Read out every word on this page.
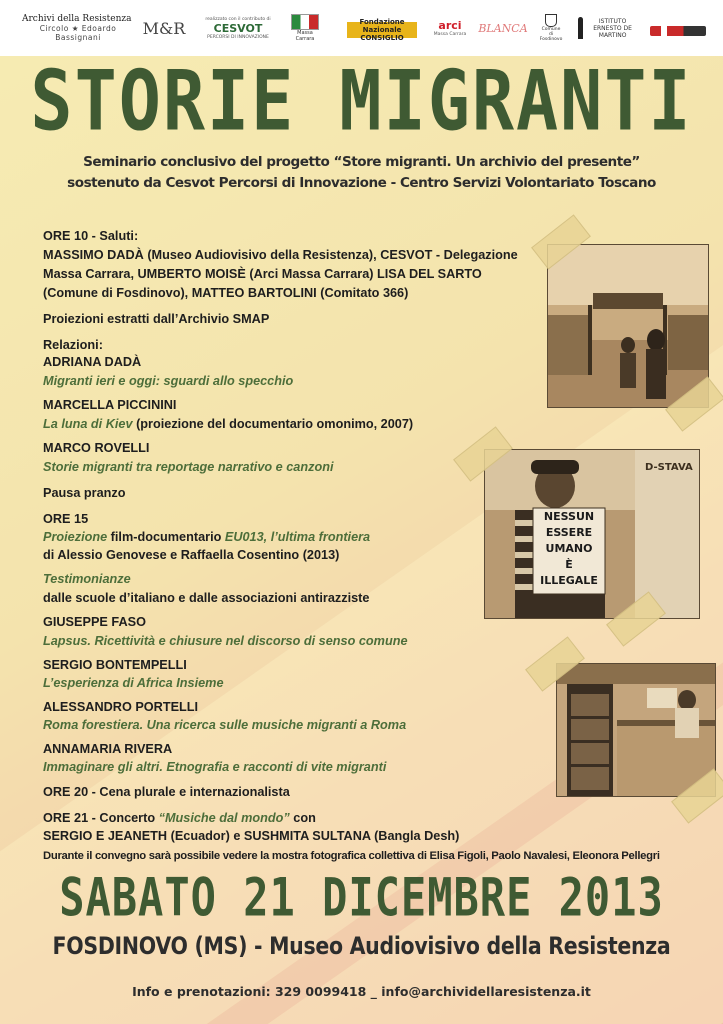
Archivi della Resistenza
Circolo ★ Edoardo Bassignani	M&R	realizzato con il contributo di
CESVOT
PERCORSI DI INNOVAZIONE
Massa Carrara
Fondazione Nazionale CONSIGLIO
arci
Massa Carrara BLANCA	Comune di Fosdinovo
ISTITUTO ERNESTO DE MARTINO
STORIE MIGRANTI
Seminario conclusivo del progetto “Store migranti. Un archivio del presente”
sostenuto da Cesvot Percorsi di Innovazione - Centro Servizi Volontariato Toscano
ORE 10 - Saluti:
MASSIMO DADÀ (Museo Audiovisivo della Resistenza), CESVOT - Delegazione
Massa Carrara, UMBERTO MOISÈ (Arci Massa Carrara) LISA DEL SARTO
(Comune di Fosdinovo), MATTEO BARTOLINI (Comitato 366)
Proiezioni estratti dall’Archivio SMAP
Relazioni:
ADRIANA DADÀ
Migranti ieri e oggi: sguardi allo specchio
MARCELLA PICCININI
La luna di Kiev (proiezione del documentario omonimo, 2007)
MARCO ROVELLI
Storie migranti tra reportage narrativo e canzoni
Pausa pranzo
ORE 15
Proiezione film-documentario EU013, l’ultima frontiera
di Alessio Genovese e Raffaella Cosentino (2013)
Testimonianze
dalle scuole d’italiano e dalle associazioni antirazziste
GIUSEPPE FASO
Lapsus. Ricettività e chiusure nel discorso di senso comune
SERGIO BONTEMPELLI
L’esperienza di Africa Insieme
ALESSANDRO PORTELLI
Roma forestiera. Una ricerca sulle musiche migranti a Roma
ANNAMARIA RIVERA
Immaginare gli altri. Etnografia e racconti di vite migranti
ORE 20 - Cena plurale e internazionalista
ORE 21 - Concerto “Musiche dal mondo” con
SERGIO E JEANETH (Ecuador) e SUSHMITA SULTANA (Bangla Desh)
Durante il convegno sarà possibile vedere la mostra fotografica collettiva di Elisa Figoli, Paolo Navalesi, Eleonora Pellegri
D-STAVA
NESSUN
ESSERE
UMANO
È
ILLEGALE
SABATO 21 DICEMBRE 2013
FOSDINOVO (MS) - Museo Audiovisivo della Resistenza
Info e prenotazioni: 329 0099418 _ info@archividellaresistenza.it
